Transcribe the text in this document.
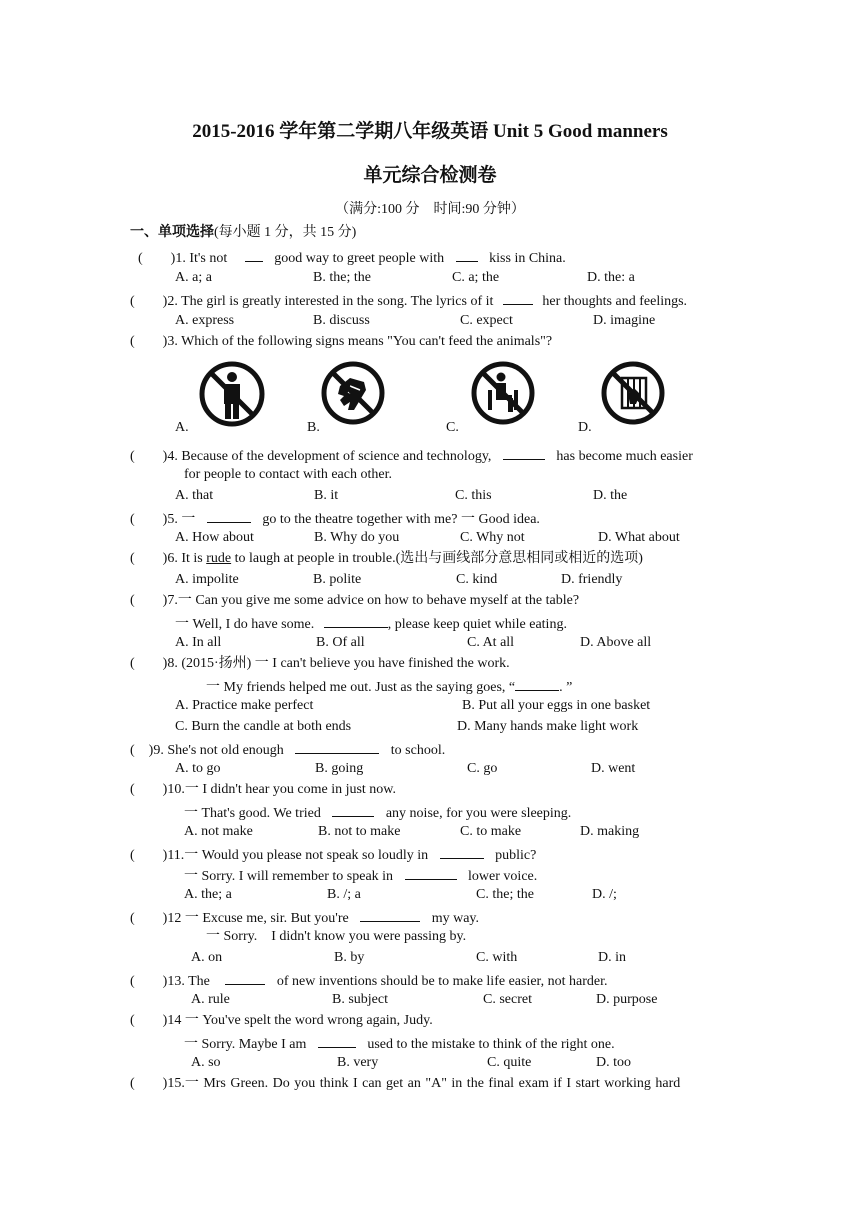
2015-2016 学年第二学期八年级英语 Unit 5 Good manners
单元综合检测卷
（满分:100 分　时间:90 分钟）
一、单项选择(每小题 1 分，共 15 分)
(　　)1. It's not	good way to greet people with	kiss in China.
A. a; a	B. the; the	C. a; the	D. the: a
(　　)2. The girl is greatly interested in the song. The lyrics of it	her thoughts and feelings.
A. express	B. discuss	C. expect	D. imagine
(　　)3. Which of the following signs means "You can't feed the animals"?
A.	B.	C.	D.
(　　)4. Because of the development of science and technology,	has become much easier
for people to contact with each other.
A. that	B. it	C. this	D. the
(　　)5. 一	go to the theatre together with me? 一 Good idea.
A. How about	B. Why do you	C. Why not	D. What about
(　　)6. It is rude to laugh at people in trouble.(选出与画线部分意思相同或相近的选项)
A. impolite	B. polite	C. kind	D. friendly
(　　)7.一 Can you give me some advice on how to behave myself at the table?
一 Well, I do have some.	, please keep quiet while eating.
A. In all	B. Of all	C. At all	D. Above all
(　　)8. (2015·扬州) 一 I can't believe you have finished the work.
一 My friends helped me out. Just as the saying goes, “	. ”
A. Practice make perfect	B. Put all your eggs in one basket
C. Burn the candle at both ends	D. Many hands make light work
(　)9. She's not old enough	to school.
A. to go	B. going	C. go	D. went
(　　)10.一 I didn't hear you come in just now.
一 That's good. We tried	any noise, for you were sleeping.
A. not make	B. not to make	C. to make	D. making
(　　)11.一 Would you please not speak so loudly in	public?
一 Sorry. I will remember to speak in	lower voice.
A. the; a	B. /; a	C. the; the	D. /;
(　　)12 一 Excuse me, sir. But you're	my way.
一 Sorry.　I didn't know you were passing by.
A. on	B. by	C. with	D. in
(　　)13. The	of new inventions should be to make life easier, not harder.
A. rule	B. subject	C. secret	D. purpose
(　　)14 一 You've spelt the word wrong again, Judy.
一 Sorry. Maybe I am	used to the mistake to think of the right one.
A. so	B. very	C. quite	D. too
(　　)15.一 Mrs Green. Do you think I can get an "A" in the final exam if I start working hard
